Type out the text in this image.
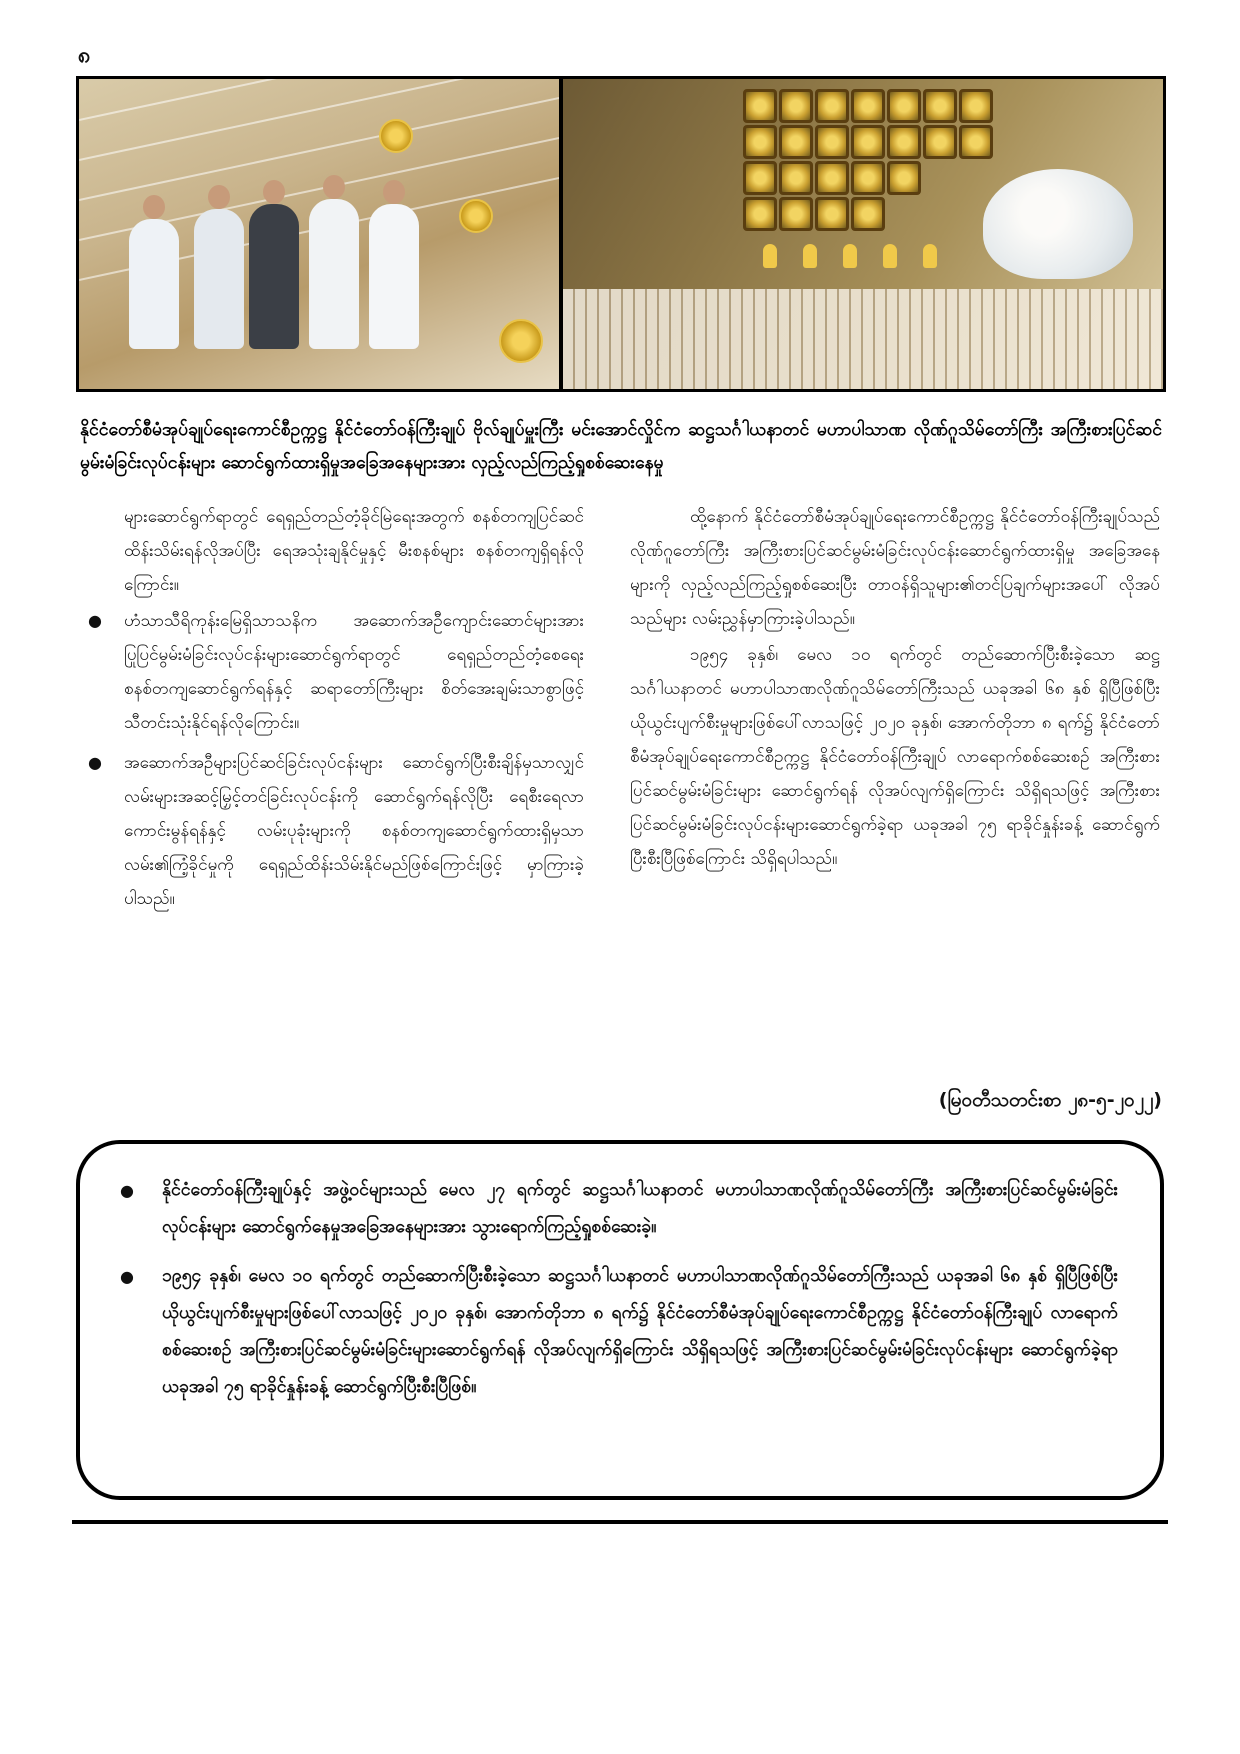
၈
နိုင်ငံတော်စီမံအုပ်ချုပ်ရေးကောင်စီဥက္ကဋ္ဌ နိုင်ငံတော်ဝန်ကြီးချုပ် ဗိုလ်ချုပ်မှူးကြီး မင်းအောင်လှိုင်က ဆဋ္ဌသင်္ဂါယနာတင် မဟာပါသာဏ လိုဏ်ဂူသိမ်တော်ကြီး အကြီးစားပြင်ဆင်မွမ်းမံခြင်းလုပ်ငန်းများ ဆောင်ရွက်ထားရှိမှုအခြေအနေများအား လှည့်လည်ကြည့်ရှုစစ်ဆေးနေမှု

များဆောင်ရွက်ရာတွင် ရေရှည်တည်တံ့ခိုင်မြဲရေးအတွက် စနစ်တကျပြင်ဆင်ထိန်းသိမ်းရန်လိုအပ်ပြီး ရေအသုံးချနိုင်မှုနှင့် မီးစနစ်များ စနစ်တကျရှိရန်လိုကြောင်း။

● ဟံသာသီရိကုန်းမြေရှိသာသနိက အဆောက်အဦကျောင်းဆောင်များအား ပြုပြင်မွမ်းမံခြင်းလုပ်ငန်းများဆောင်ရွက်ရာတွင် ရေရှည်တည်တံ့စေရေး စနစ်တကျဆောင်ရွက်ရန်နှင့် ဆရာတော်ကြီးများ စိတ်အေးချမ်းသာစွာဖြင့် သီတင်းသုံးနိုင်ရန်လိုကြောင်း။
● အဆောက်အဦများပြင်ဆင်ခြင်းလုပ်ငန်းများ ဆောင်ရွက်ပြီးစီးချိန်မှသာလျှင် လမ်းများအဆင့်မြှင့်တင်ခြင်းလုပ်ငန်းကို ဆောင်ရွက်ရန်လိုပြီး ရေစီးရေလာကောင်းမွန်ရန်နှင့် လမ်းပုခုံးများကို စနစ်တကျဆောင်ရွက်ထားရှိမှသာ လမ်း၏ကြံ့ခိုင်မှုကို ရေရှည်ထိန်းသိမ်းနိုင်မည်ဖြစ်ကြောင်းဖြင့် မှာကြားခဲ့ပါသည်။

ထို့နောက် နိုင်ငံတော်စီမံအုပ်ချုပ်ရေးကောင်စီဥက္ကဋ္ဌ နိုင်ငံတော်ဝန်ကြီးချုပ်သည် လိုဏ်ဂူတော်ကြီး အကြီးစားပြင်ဆင်မွမ်းမံခြင်းလုပ်ငန်းဆောင်ရွက်ထားရှိမှု အခြေအနေများကို လှည့်လည်ကြည့်ရှုစစ်ဆေးပြီး တာဝန်ရှိသူများ၏တင်ပြချက်များအပေါ် လိုအပ်သည်များ လမ်းညွှန်မှာကြားခဲ့ပါသည်။

၁၉၅၄ ခုနှစ်၊ မေလ ၁၀ ရက်တွင် တည်ဆောက်ပြီးစီးခဲ့သော ဆဋ္ဌသင်္ဂါယနာတင် မဟာပါသာဏလိုဏ်ဂူသိမ်တော်ကြီးသည် ယခုအခါ ၆၈ နှစ် ရှိပြီဖြစ်ပြီး ယိုယွင်းပျက်စီးမှုများဖြစ်ပေါ်လာသဖြင့် ၂၀၂၀ ခုနှစ်၊ အောက်တိုဘာ ၈ ရက်၌ နိုင်ငံတော်စီမံအုပ်ချုပ်ရေးကောင်စီဥက္ကဋ္ဌ နိုင်ငံတော်ဝန်ကြီးချုပ် လာရောက်စစ်ဆေးစဉ် အကြီးစားပြင်ဆင်မွမ်းမံခြင်းများ ဆောင်ရွက်ရန် လိုအပ်လျက်ရှိကြောင်း သိရှိရသဖြင့် အကြီးစားပြင်ဆင်မွမ်းမံခြင်းလုပ်ငန်းများဆောင်ရွက်ခဲ့ရာ ယခုအခါ ၇၅ ရာခိုင်နှုန်းခန့် ဆောင်ရွက်ပြီးစီးပြီဖြစ်ကြောင်း သိရှိရပါသည်။

(မြဝတီသတင်းစာ ၂၈-၅-၂၀၂၂)
● နိုင်ငံတော်ဝန်ကြီးချုပ်နှင့် အဖွဲ့ဝင်များသည် မေလ ၂၇ ရက်တွင် ဆဋ္ဌသင်္ဂါယနာတင် မဟာပါသာဏလိုဏ်ဂူသိမ်တော်ကြီး အကြီးစားပြင်ဆင်မွမ်းမံခြင်းလုပ်ငန်းများ ဆောင်ရွက်နေမှုအခြေအနေများအား သွားရောက်ကြည့်ရှုစစ်ဆေးခဲ့။
● ၁၉၅၄ ခုနှစ်၊ မေလ ၁၀ ရက်တွင် တည်ဆောက်ပြီးစီးခဲ့သော ဆဋ္ဌသင်္ဂါယနာတင် မဟာပါသာဏလိုဏ်ဂူသိမ်တော်ကြီးသည် ယခုအခါ ၆၈ နှစ် ရှိပြီဖြစ်ပြီး ယိုယွင်းပျက်စီးမှုများဖြစ်ပေါ်လာသဖြင့် ၂၀၂၀ ခုနှစ်၊ အောက်တိုဘာ ၈ ရက်၌ နိုင်ငံတော်စီမံအုပ်ချုပ်ရေးကောင်စီဥက္ကဋ္ဌ နိုင်ငံတော်ဝန်ကြီးချုပ် လာရောက်စစ်ဆေးစဉ် အကြီးစားပြင်ဆင်မွမ်းမံခြင်းများဆောင်ရွက်ရန် လိုအပ်လျက်ရှိကြောင်း သိရှိရသဖြင့် အကြီးစားပြင်ဆင်မွမ်းမံခြင်းလုပ်ငန်းများ ဆောင်ရွက်ခဲ့ရာ ယခုအခါ ၇၅ ရာခိုင်နှုန်းခန့် ဆောင်ရွက်ပြီးစီးပြီဖြစ်။
